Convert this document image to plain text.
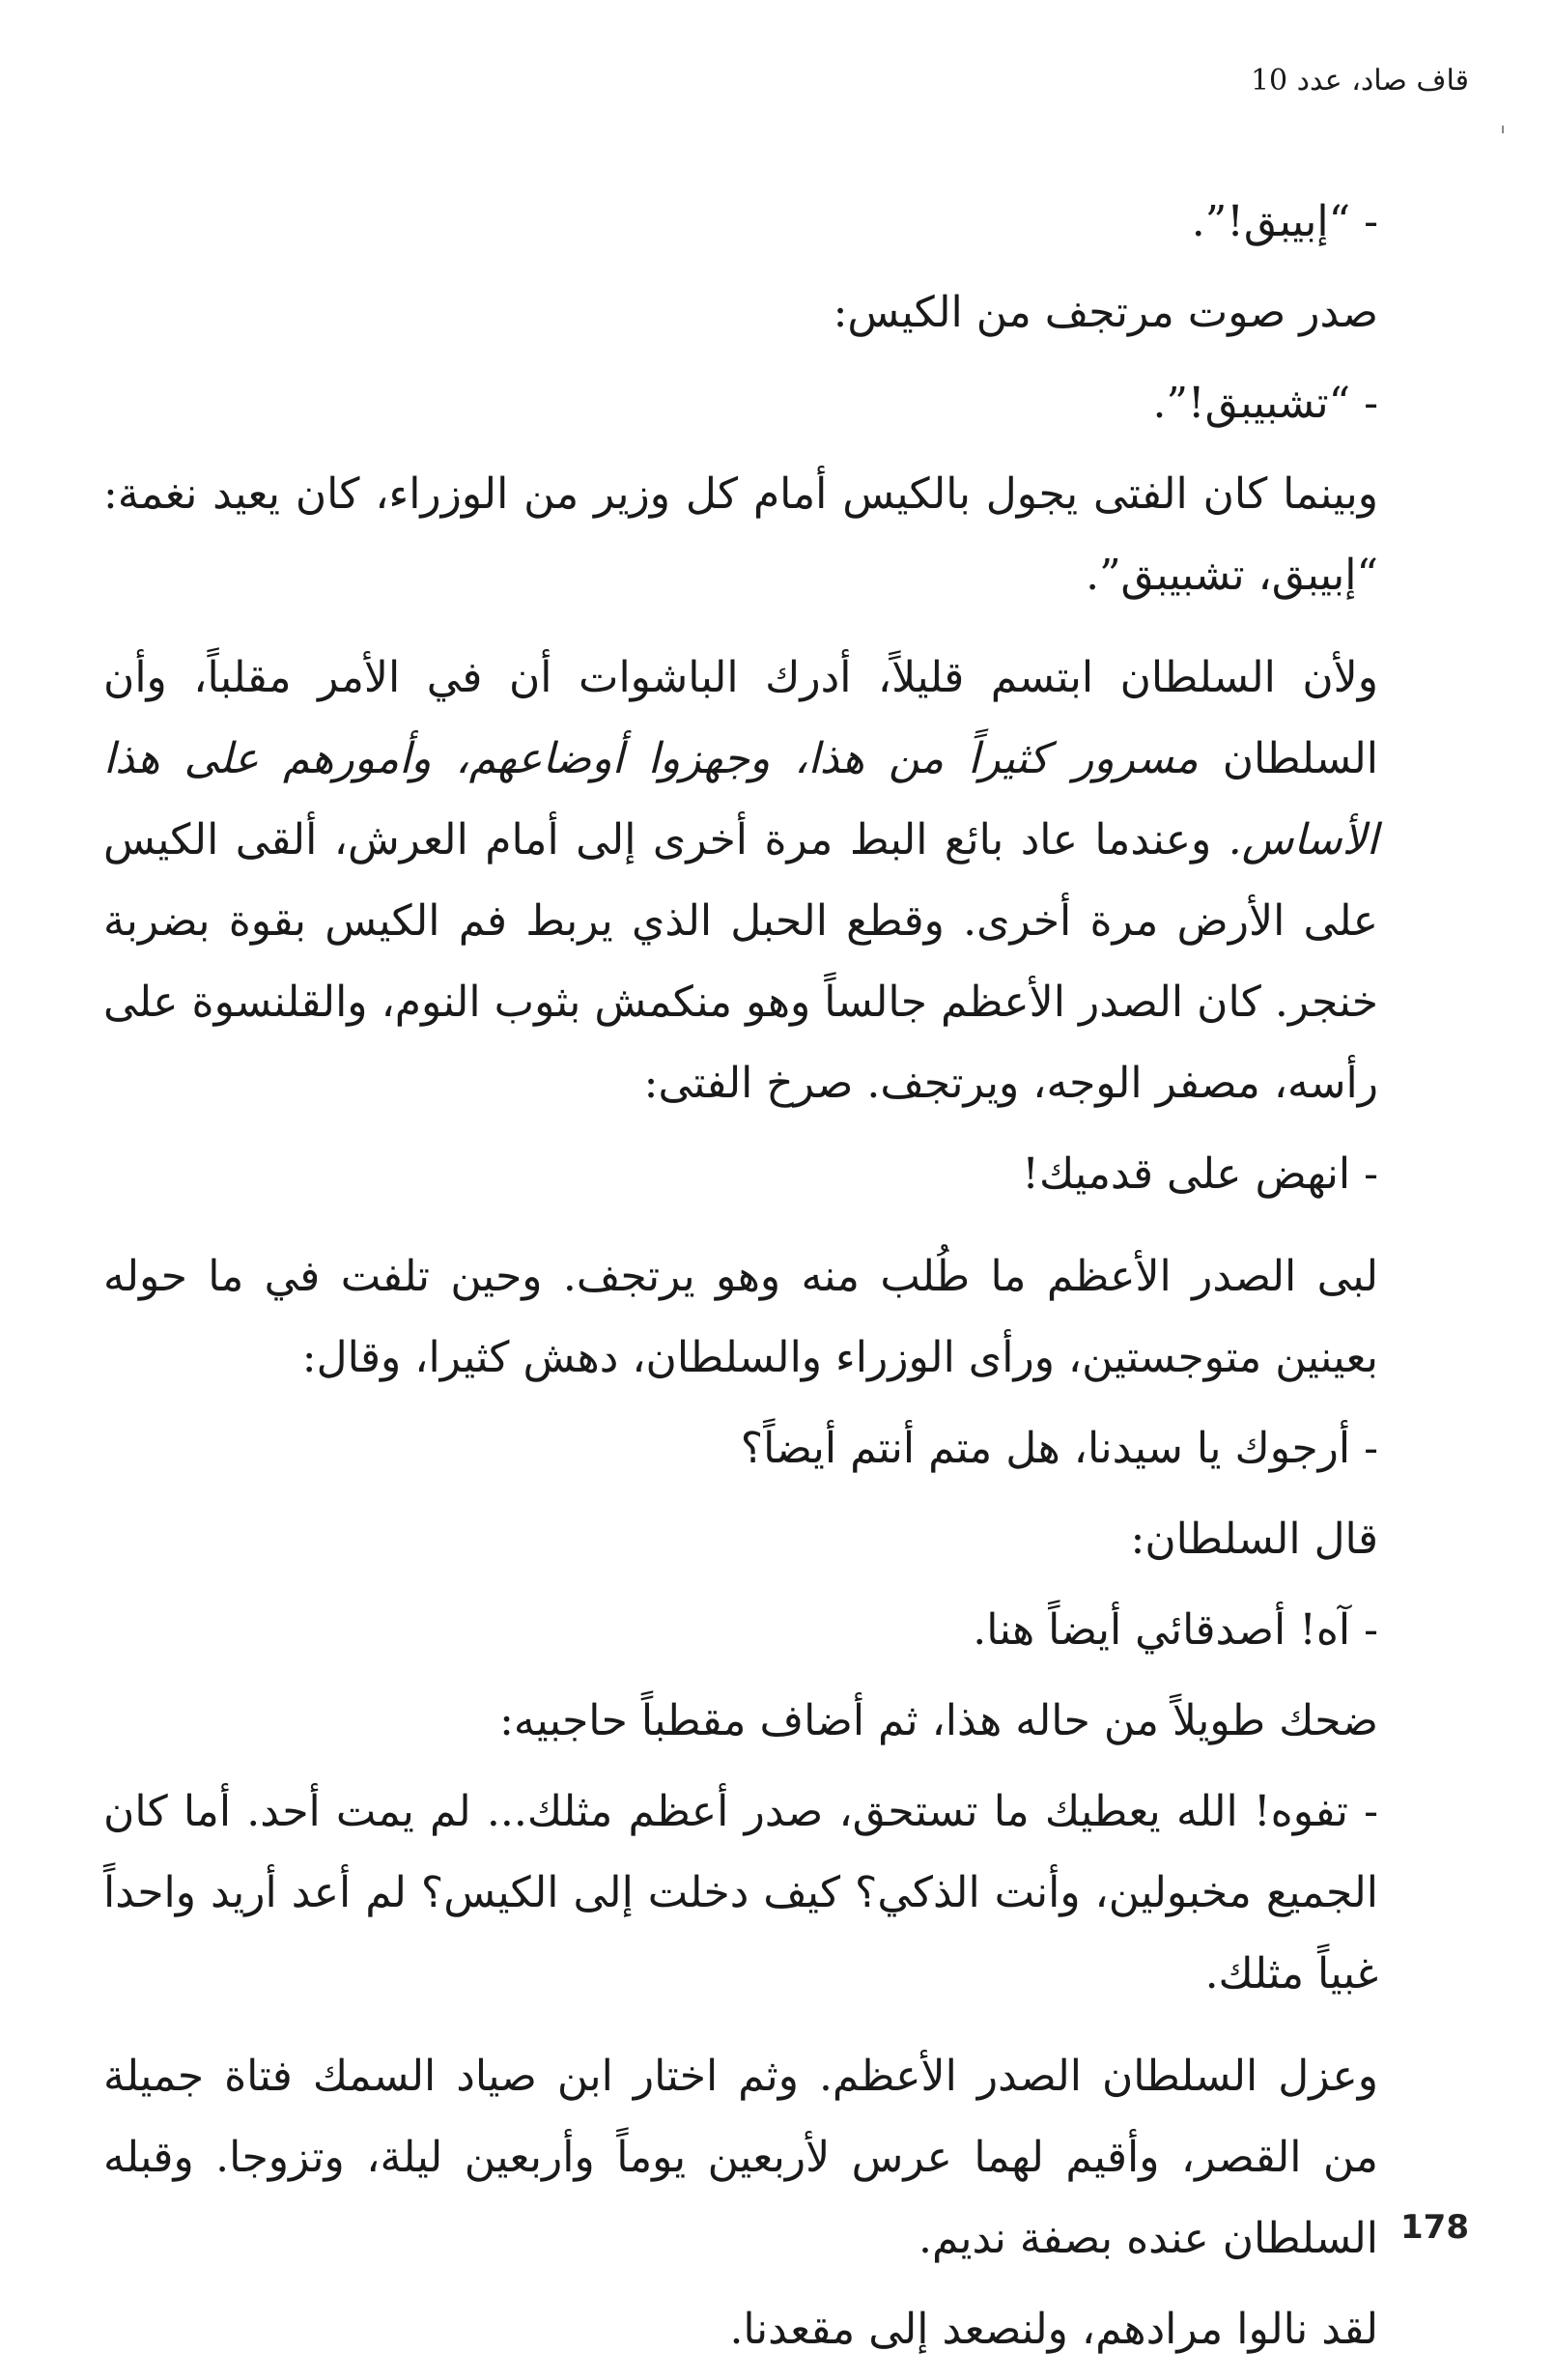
قاف صاد، عدد 10

- “إبيبق!”.

صدر صوت مرتجف من الكيس:

- “تشبيبق!”.

وبينما كان الفتى يجول بالكيس أمام كل وزير من الوزراء، كان يعيد نغمة: “إبيبق، تشبيبق”.

ولأن السلطان ابتسم قليلاً، أدرك الباشوات أن في الأمر مقلباً، وأن السلطان مسرور كثيراً من هذا، وجهزوا أوضاعهم، وأمورهم على هذا الأساس. وعندما عاد بائع البط مرة أخرى إلى أمام العرش، ألقى الكيس على الأرض مرة أخرى. وقطع الحبل الذي يربط فم الكيس بقوة بضربة خنجر. كان الصدر الأعظم جالساً وهو منكمش بثوب النوم، والقلنسوة على رأسه، مصفر الوجه، ويرتجف. صرخ الفتى:

- انهض على قدميك!

لبى الصدر الأعظم ما طُلب منه وهو يرتجف. وحين تلفت في ما حوله بعينين متوجستين، ورأى الوزراء والسلطان، دهش كثيرا، وقال:

- أرجوك يا سيدنا، هل متم أنتم أيضاً؟

قال السلطان:

- آه! أصدقائي أيضاً هنا.

ضحك طويلاً من حاله هذا، ثم أضاف مقطباً حاجبيه:

- تفوه! الله يعطيك ما تستحق، صدر أعظم مثلك... لم يمت أحد. أما كان الجميع مخبولين، وأنت الذكي؟ كيف دخلت إلى الكيس؟ لم أعد أريد واحداً غبياً مثلك.

وعزل السلطان الصدر الأعظم. وثم اختار ابن صياد السمك فتاة جميلة من القصر، وأقيم لهما عرس لأربعين يوماً وأربعين ليلة، وتزوجا. وقبله السلطان عنده بصفة نديم.

لقد نالوا مرادهم، ولنصعد إلى مقعدنا.

178
